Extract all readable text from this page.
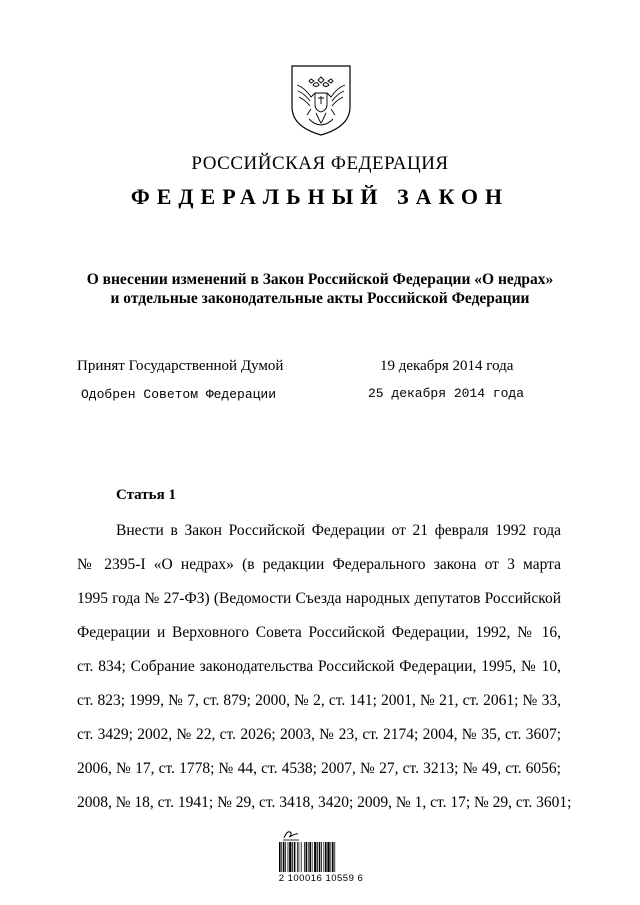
РОССИЙСКАЯ ФЕДЕРАЦИЯ
ФЕДЕРАЛЬНЫЙ ЗАКОН
О внесении изменений в Закон Российской Федерации «О недрах»
и отдельные законодательные акты Российской Федерации
Принят Государственной Думой	19 декабря 2014 года
Одобрен Советом Федерации	25 декабря 2014 года
Статья 1
Внести в Закон Российской Федерации от 21 февраля 1992 года
№ 2395-I «О недрах» (в редакции Федерального закона от 3 марта
1995 года № 27-ФЗ) (Ведомости Съезда народных депутатов Российской
Федерации и Верховного Совета Российской Федерации, 1992, № 16,
ст. 834; Собрание законодательства Российской Федерации, 1995, № 10,
ст. 823; 1999, № 7, ст. 879; 2000, № 2, ст. 141; 2001, № 21, ст. 2061; № 33,
ст. 3429; 2002, № 22, ст. 2026; 2003, № 23, ст. 2174; 2004, № 35, ст. 3607;
2006, № 17, ст. 1778; № 44, ст. 4538; 2007, № 27, ст. 3213; № 49, ст. 6056;
2008, № 18, ст. 1941; № 29, ст. 3418, 3420; 2009, № 1, ст. 17; № 29, ст. 3601;
2 100016 10559 6
